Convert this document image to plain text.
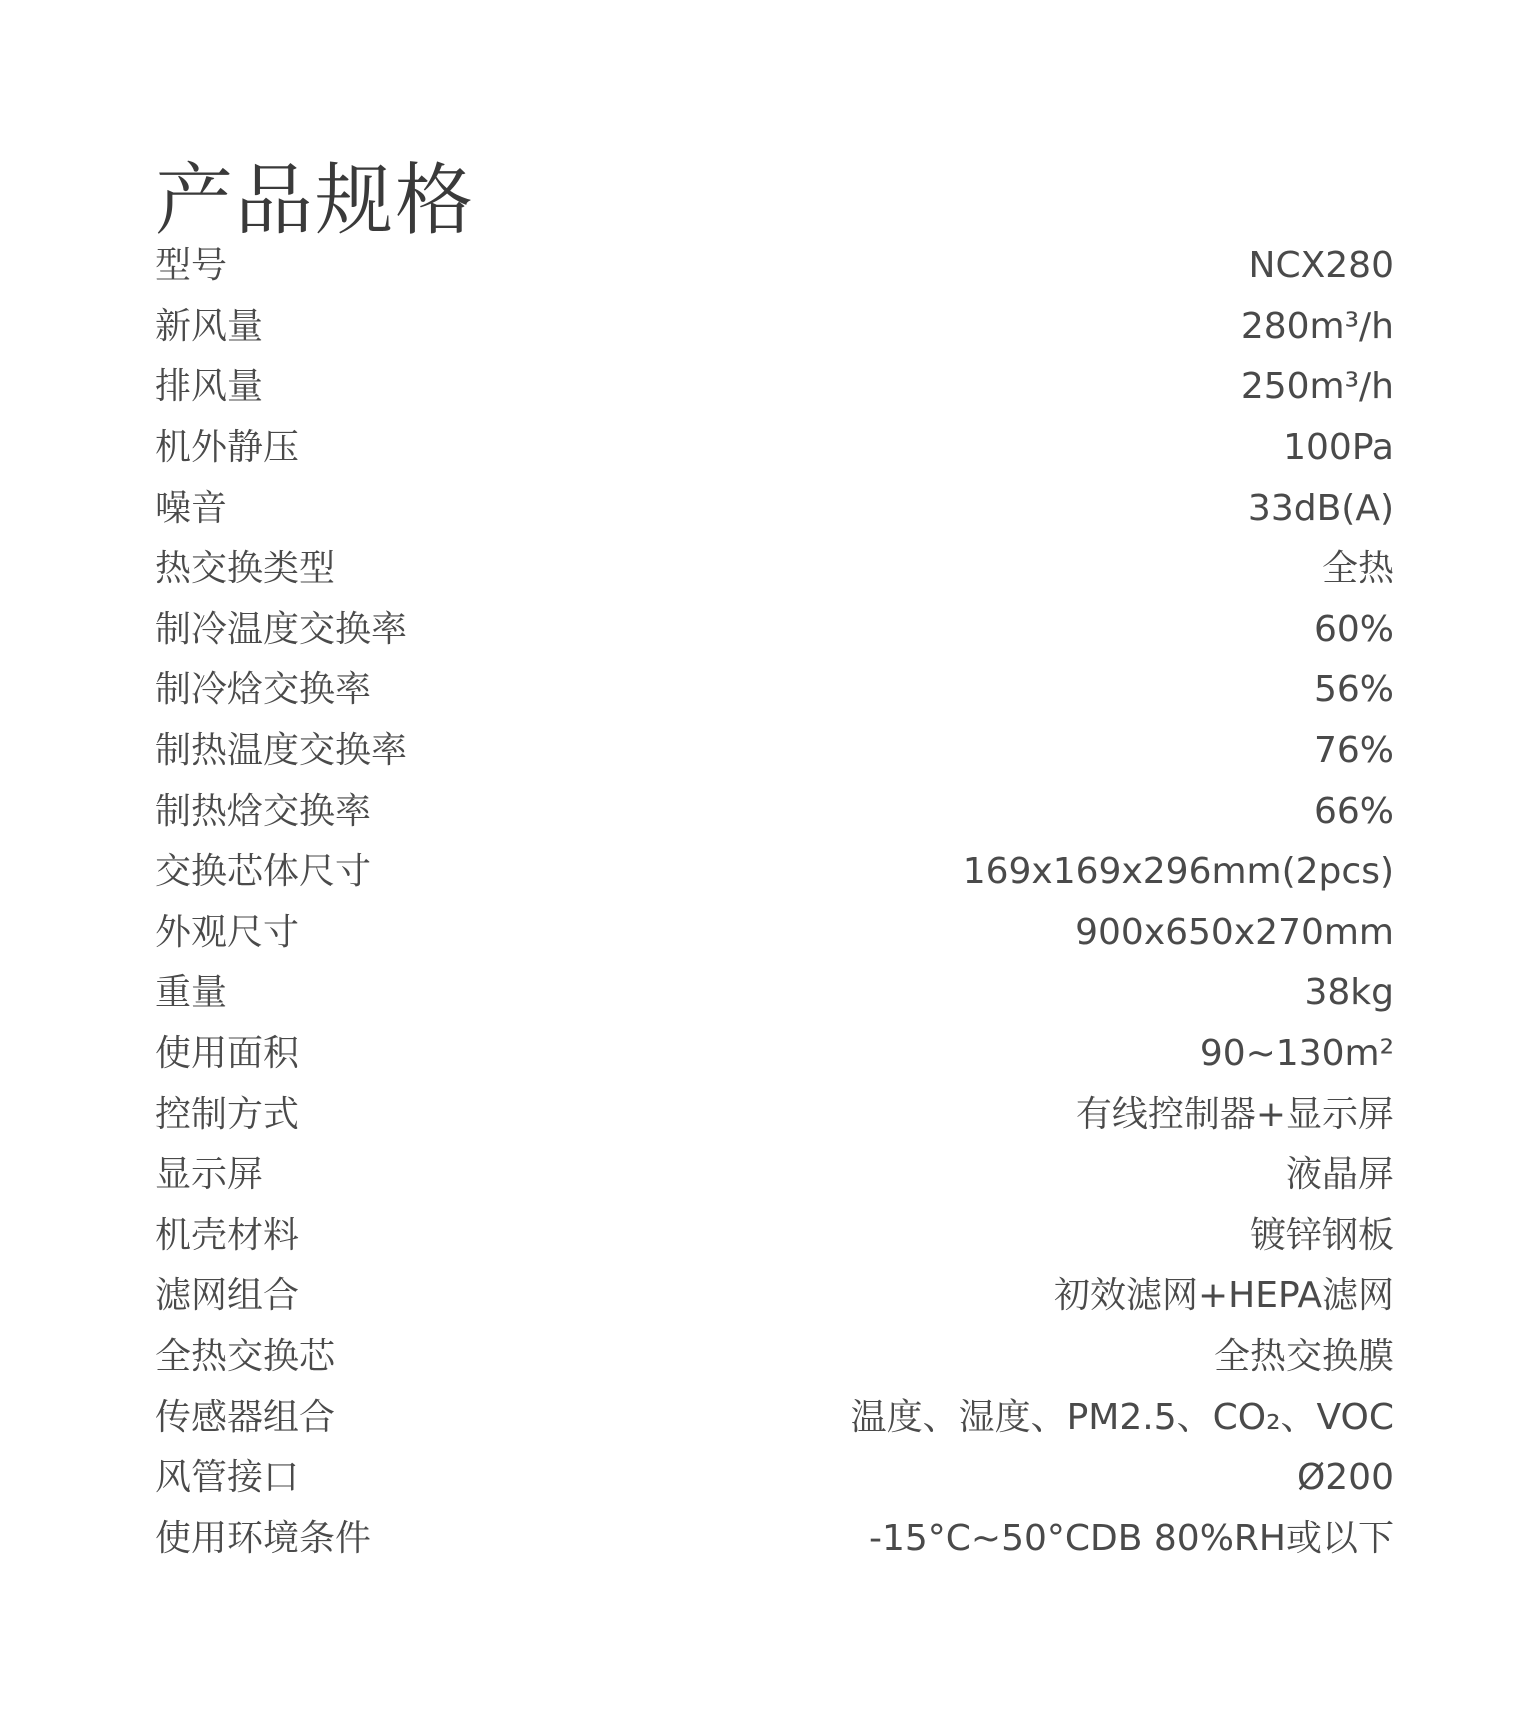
产品规格
型号	NCX280
新风量	280m³/h
排风量	250m³/h
机外静压	100Pa
噪音	33dB(A)
热交换类型	全热
制冷温度交换率	60%
制冷焓交换率	56%
制热温度交换率	76%
制热焓交换率	66%
交换芯体尺寸	169x169x296mm(2pcs)
外观尺寸	900x650x270mm
重量	38kg
使用面积	90~130m²
控制方式	有线控制器+显示屏
显示屏	液晶屏
机壳材料	镀锌钢板
滤网组合	初效滤网+HEPA滤网
全热交换芯	全热交换膜
传感器组合	温度、湿度、PM2.5、CO₂、VOC
风管接口	Ø200
使用环境条件	-15°C~50°CDB 80%RH或以下
